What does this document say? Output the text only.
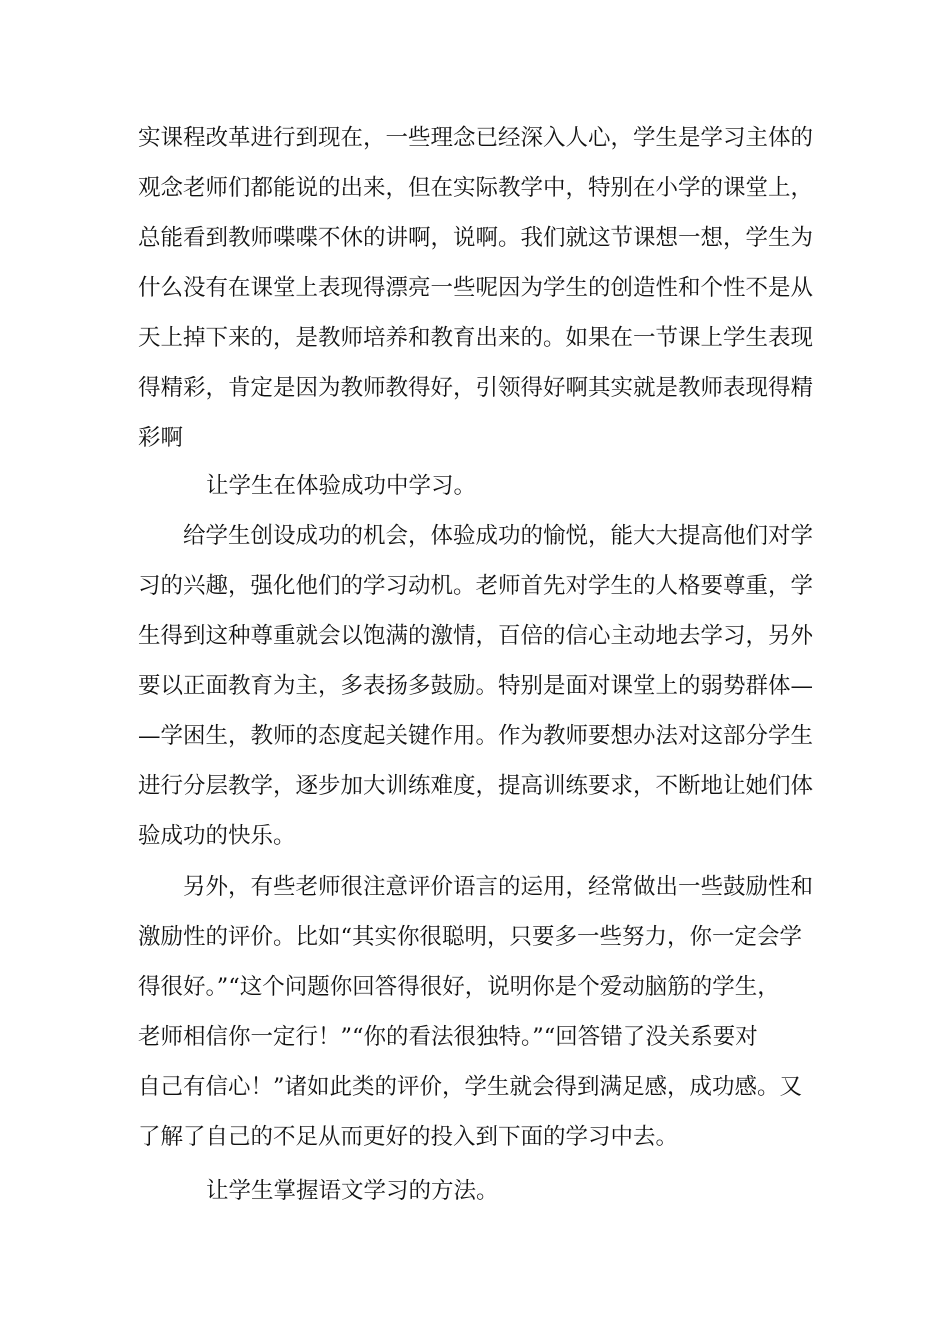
实课程改革进行到现在，一些理念已经深入人心，学生是学习主体的
观念老师们都能说的出来，但在实际教学中，特别在小学的课堂上，
总能看到教师喋喋不休的讲啊，说啊。我们就这节课想一想，学生为
什么没有在课堂上表现得漂亮一些呢因为学生的创造性和个性不是从
天上掉下来的，是教师培养和教育出来的。如果在一节课上学生表现
得精彩，肯定是因为教师教得好，引领得好啊其实就是教师表现得精
彩啊
让学生在体验成功中学习。
　　给学生创设成功的机会，体验成功的愉悦，能大大提高他们对学
习的兴趣，强化他们的学习动机。老师首先对学生的人格要尊重，学
生得到这种尊重就会以饱满的激情，百倍的信心主动地去学习，另外
要以正面教育为主，多表扬多鼓励。特别是面对课堂上的弱势群体—
—学困生，教师的态度起关键作用。作为教师要想办法对这部分学生
进行分层教学，逐步加大训练难度，提高训练要求，不断地让她们体
验成功的快乐。
　　另外，有些老师很注意评价语言的运用，经常做出一些鼓励性和
激励性的评价。比如“其实你很聪明，只要多一些努力，你一定会学
得很好。”“这个问题你回答得很好，说明你是个爱动脑筋的学生，
老师相信你一定行！”“你的看法很独特。”“回答错了没关系要对
自己有信心！”诸如此类的评价，学生就会得到满足感，成功感。又
了解了自己的不足从而更好的投入到下面的学习中去。
让学生掌握语文学习的方法。
